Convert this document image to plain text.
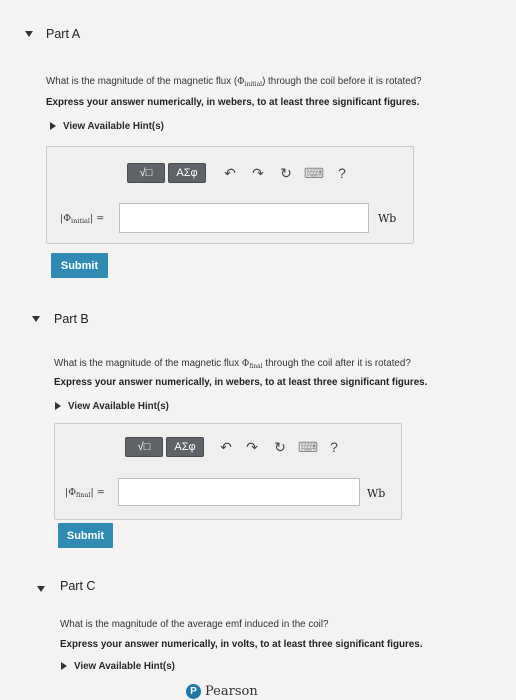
Part A
What is the magnitude of the magnetic flux $(\Phi_{initial})$ through the coil before it is rotated?
Express your answer numerically, in webers, to at least three significant figures.
View Available Hint(s)
√□	ΑΣφ	↶ ↷ ↻ ⌨ ?
$|\Phi_{initial}|$ =	Wb
Submit
Part B
What is the magnitude of the magnetic flux $\Phi_{final}$ through the coil after it is rotated?
Express your answer numerically, in webers, to at least three significant figures.
View Available Hint(s)
√□	ΑΣφ	↶ ↷ ↻ ⌨ ?
$|\Phi_{final}|$ =	Wb
Submit
Part C
What is the magnitude of the average emf induced in the coil?
Express your answer numerically, in volts, to at least three significant figures.
View Available Hint(s)
P Pearson
